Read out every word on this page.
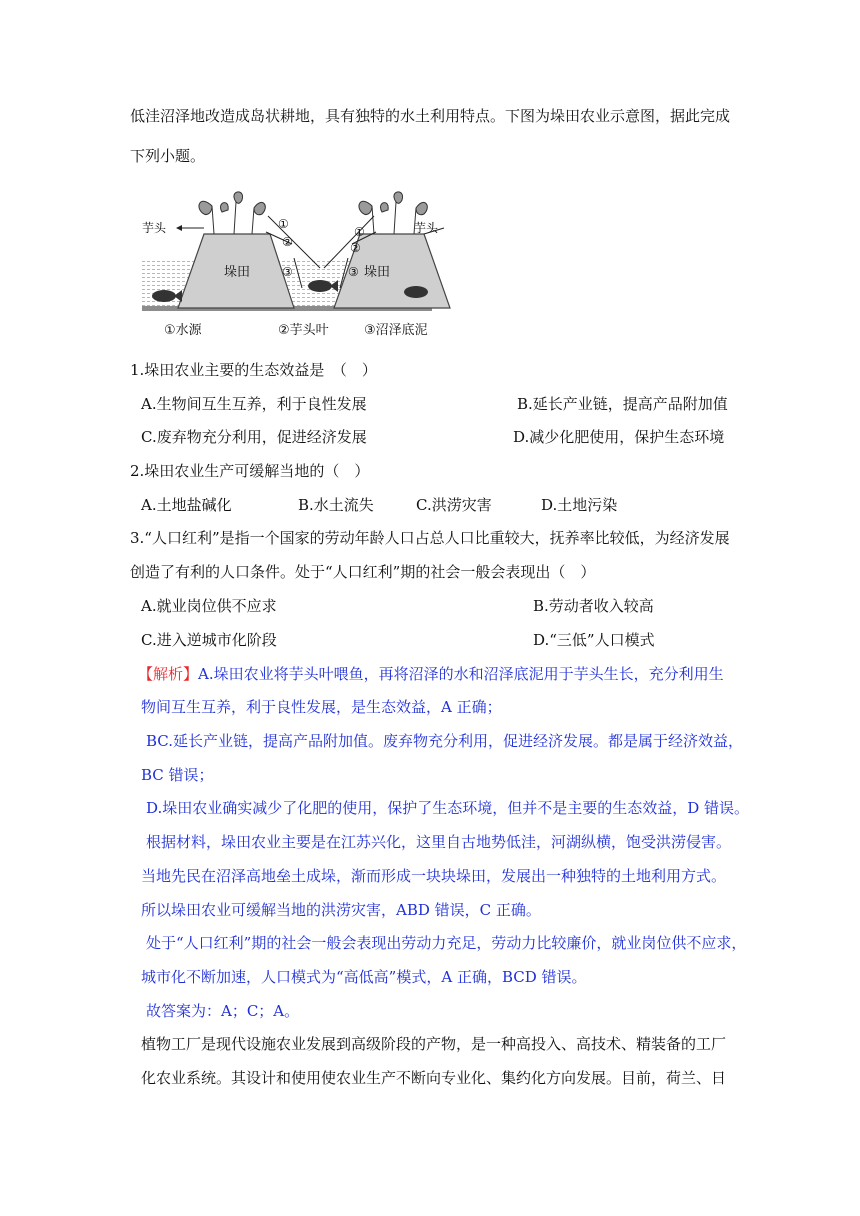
低洼沼泽地改造成岛状耕地，具有独特的水土利用特点。下图为垛田农业示意图，据此完成
下列小题。
芋头	芋头
垛田	垛田
①
②
③
①
②
③
①水源	②芋头叶	③沼泽底泥
1.垛田农业主要的生态效益是　（　）
A.生物间互生互养，利于良性发展	B.延长产业链，提高产品附加值
C.废弃物充分利用，促进经济发展	D.减少化肥使用，保护生态环境
2.垛田农业生产可缓解当地的（　）
A.土地盐碱化	B.水土流失	C.洪涝灾害	D.土地污染
3.“人口红利”是指一个国家的劳动年龄人口占总人口比重较大，抚养率比较低，为经济发展
创造了有利的人口条件。处于“人口红利”期的社会一般会表现出（　）
A.就业岗位供不应求	B.劳动者收入较高
C.进入逆城市化阶段	D.“三低”人口模式
【解析】A.垛田农业将芋头叶喂鱼，再将沼泽的水和沼泽底泥用于芋头生长，充分利用生
物间互生互养，利于良性发展，是生态效益，A 正确；
BC.延长产业链，提高产品附加值。废弃物充分利用，促进经济发展。都是属于经济效益，
BC 错误；
D.垛田农业确实减少了化肥的使用，保护了生态环境，但并不是主要的生态效益，D 错误。
根据材料，垛田农业主要是在江苏兴化，这里自古地势低洼，河湖纵横，饱受洪涝侵害。
当地先民在沼泽高地垒土成垛，渐而形成一块块垛田，发展出一种独特的土地利用方式。
所以垛田农业可缓解当地的洪涝灾害，ABD 错误，C 正确。
处于“人口红利”期的社会一般会表现出劳动力充足，劳动力比较廉价，就业岗位供不应求，
城市化不断加速，人口模式为“高低高”模式，A 正确，BCD 错误。
故答案为：A；C；A。
植物工厂是现代设施农业发展到高级阶段的产物，是一种高投入、高技术、精装备的工厂
化农业系统。其设计和使用使农业生产不断向专业化、集约化方向发展。目前，荷兰、日
